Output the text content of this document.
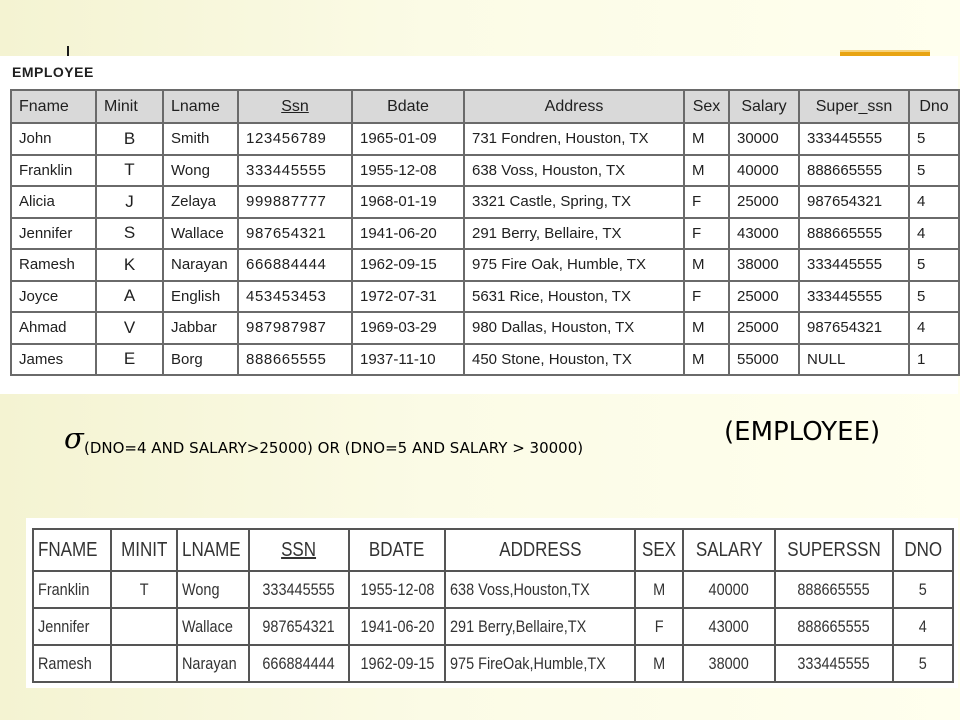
EMPLOYEE
Fname	Minit	Lname	Ssn	Bdate	Address	Sex	Salary	Super_ssn	Dno
John	B	Smith	123456789	1965-01-09	731 Fondren, Houston, TX	M	30000	333445555	5
Franklin	T	Wong	333445555	1955-12-08	638 Voss, Houston, TX	M	40000	888665555	5
Alicia	J	Zelaya	999887777	1968-01-19	3321 Castle, Spring, TX	F	25000	987654321	4
Jennifer	S	Wallace	987654321	1941-06-20	291 Berry, Bellaire, TX	F	43000	888665555	4
Ramesh	K	Narayan	666884444	1962-09-15	975 Fire Oak, Humble, TX	M	38000	333445555	5
Joyce	A	English	453453453	1972-07-31	5631 Rice, Houston, TX	F	25000	333445555	5
Ahmad	V	Jabbar	987987987	1969-03-29	980 Dallas, Houston, TX	M	25000	987654321	4
James	E	Borg	888665555	1937-11-10	450 Stone, Houston, TX	M	55000	NULL	1
σ (DNO=4 AND SALARY>25000) OR (DNO=5 AND SALARY > 30000)
(EMPLOYEE)
FNAME	MINIT	LNAME	SSN	BDATE	ADDRESS	SEX	SALARY	SUPERSSN	DNO
Franklin	T	Wong	333445555	1955-12-08	638 Voss,Houston,TX	M	40000	888665555	5
Jennifer		Wallace	987654321	1941-06-20	291 Berry,Bellaire,TX	F	43000	888665555	4
Ramesh		Narayan	666884444	1962-09-15	975 FireOak,Humble,TX	M	38000	333445555	5
